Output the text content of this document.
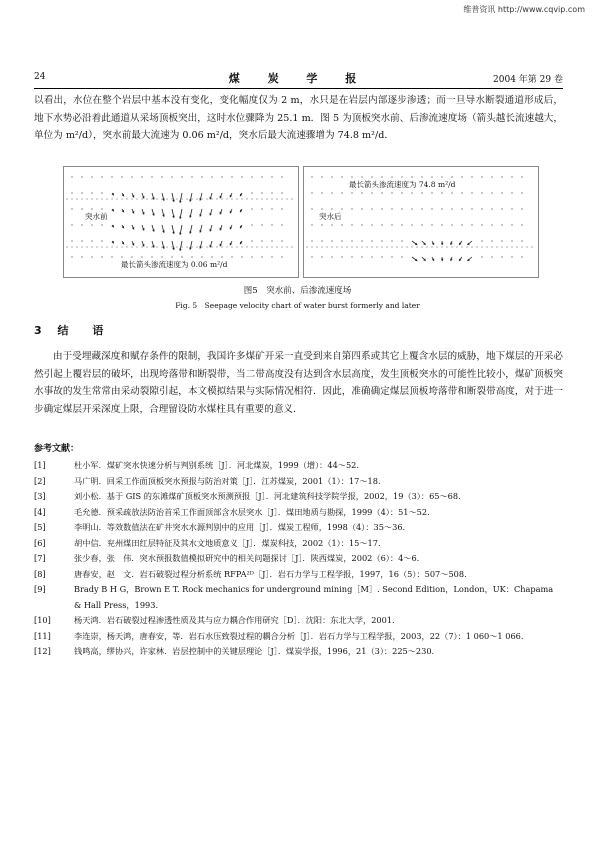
维普资讯 http://www.cqvip.com
24	煤 炭 学 报	2004 年第 29 卷

以看出，水位在整个岩层中基本没有变化，变化幅度仅为 2 m，水只是在岩层内部逐步渗透；而一旦导水断裂通道形成后，地下水势必沿着此通道从采场顶板突出，这时水位骤降为 25.1 m．图 5 为顶板突水前、后渗流速度场（箭头越长流速越大，单位为 m²/d），突水前最大流速为 0.06 m²/d，突水后最大流速骤增为 74.8 m²/d．

突水前
最长箭头渗流速度为 0.06 m²/d
最长箭头渗流速度为 74.8 m²/d
突水后
图5　突水前、后渗流速度场
Fig. 5　Seepage velocity chart of water burst formerly and later
3 结 语

由于受埋藏深度和赋存条件的限制，我国许多煤矿开采一直受到来自第四系或其它上覆含水层的威胁，地下煤层的开采必然引起上覆岩层的破坏，出现垮落带和断裂带，当二带高度没有达到含水层高度，发生顶板突水的可能性比较小，煤矿顶板突水事故的发生常常由采动裂隙引起，本文模拟结果与实际情况相符．因此，准确确定煤层顶板垮落带和断裂带高度，对于进一步确定煤层开采深度上限，合理留设防水煤柱具有重要的意义．

参考文献：
[1]	杜小军．煤矿突水快速分析与判别系统［J］．河北煤炭，1999（增）：44～52.
[2]	马广明．回采工作面顶板突水预报与防治对策［J］．江苏煤炭，2001（1）：17～18.
[3]	刘小松．基于 GIS 的东滩煤矿顶板突水预测预报［J］．河北建筑科技学院学报，2002，19（3）：65～68.
[4]	毛允德．预采疏放法防治首采工作面顶部含水层突水［J］．煤田地质与勘探，1999（4）：51～52.
[5]	李明山．等效数值法在矿井突水水源判别中的应用［J］．煤炭工程师，1998（4）：35～36.
[6]	胡中信．兖州煤田红层特征及其水文地质意义［J］．煤炭科技，2002（1）：15～17.
[7]	张少春，张　伟．突水预报数值模拟研究中的相关问题探讨［J］．陕西煤炭，2002（6）：4～6.
[8]	唐春安，赵　文．岩石破裂过程分析系统 RFPA²ᴰ［J］．岩石力学与工程学报，1997，16（5）：507～508.
[9]	Brady B H G，Brown E T. Rock mechanics for underground mining［M］. Second Edition，London，UK：Chapama & Hall Press，1993.
[10]	杨天鸿．岩石破裂过程渗透性质及其与应力耦合作用研究［D］．沈阳：东北大学，2001.
[11]	李连崇，杨天鸿，唐春安，等．岩石水压致裂过程的耦合分析［J］．岩石力学与工程学报，2003，22（7）：1 060～1 066.
[12]	钱鸣高，缪协兴，许家林．岩层控制中的关键层理论［J］．煤炭学报，1996，21（3）：225～230.
